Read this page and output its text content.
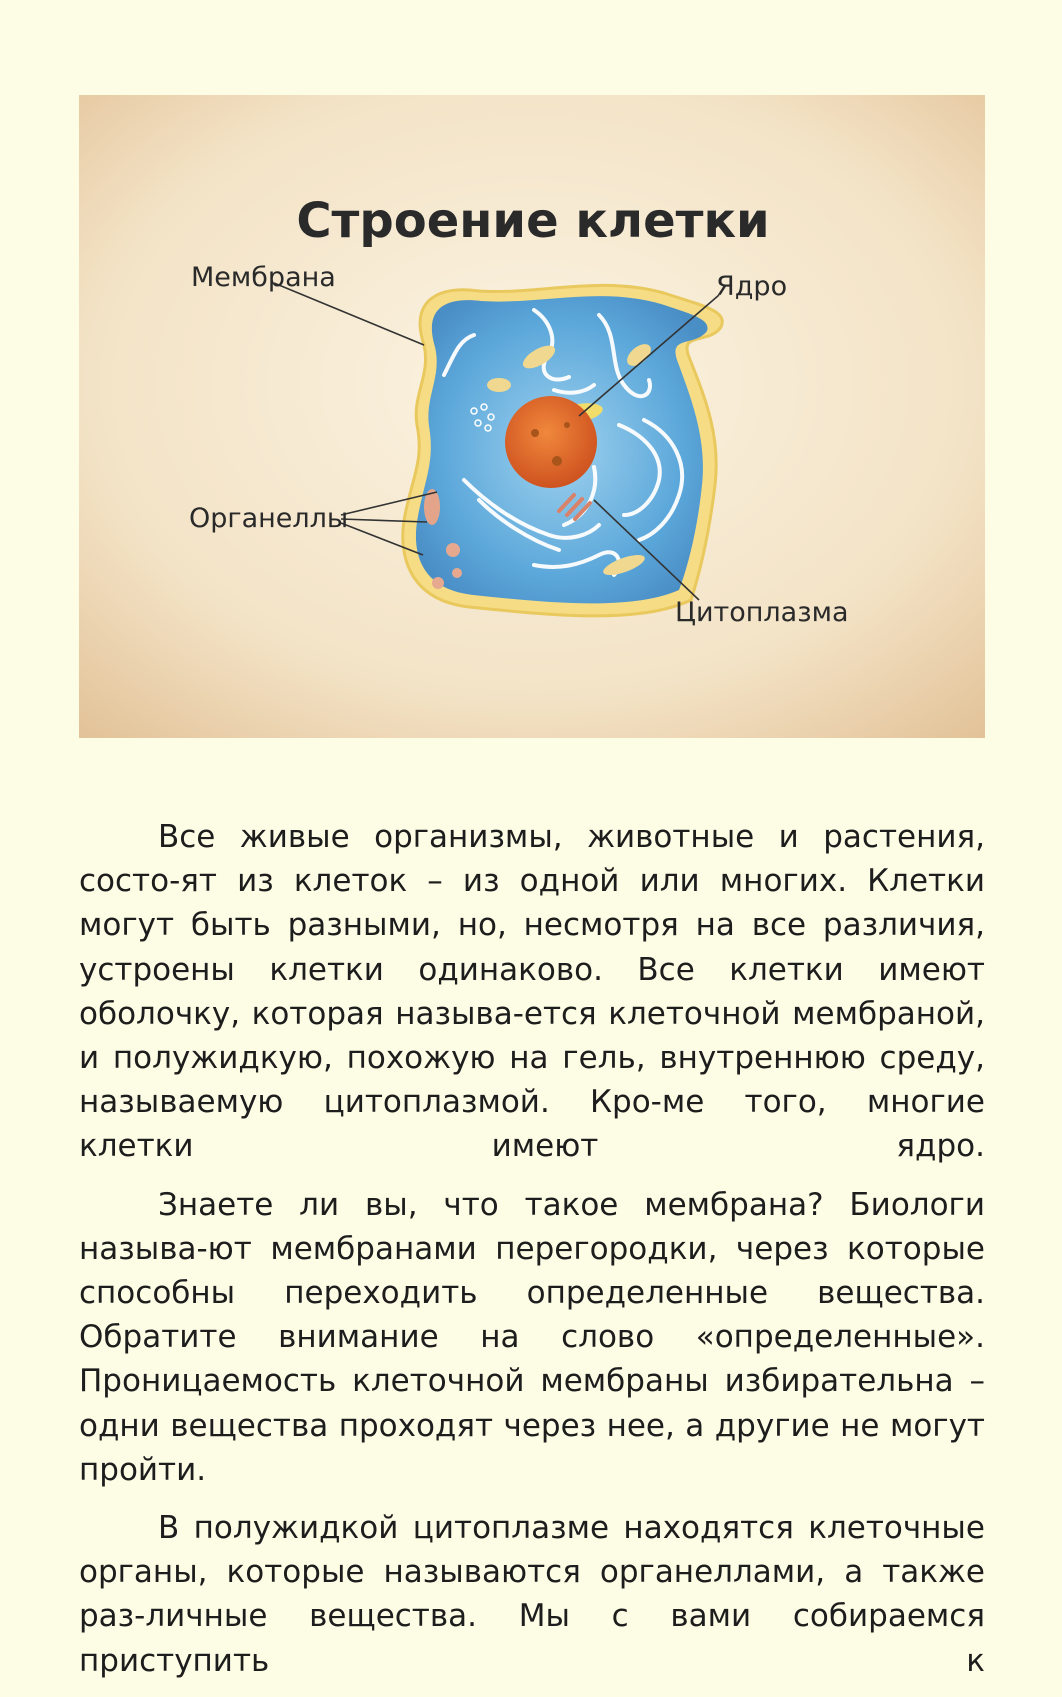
Строение клетки
Мембрана	Ядро
Органеллы
Цитоплазма

Все живые организмы, животные и растения, состо-ят из клеток – из одной или многих. Клетки могут быть разными, но, несмотря на все различия, устроены клетки одинаково. Все клетки имеют оболочку, которая называ-ется клеточной мембраной, и полужидкую, похожую на гель, внутреннюю среду, называемую цитоплазмой. Кро-ме того, многие клетки имеют ядро.

Знаете ли вы, что такое мембрана? Биологи называ-ют мембранами перегородки, через которые способны переходить определенные вещества. Обратите внимание на слово «определенные». Проницаемость клеточной мембраны избирательна – одни вещества проходят через нее, а другие не могут пройти.

В полужидкой цитоплазме находятся клеточные органы, которые называются органеллами, а также раз-личные вещества. Мы с вами собираемся приступить к
